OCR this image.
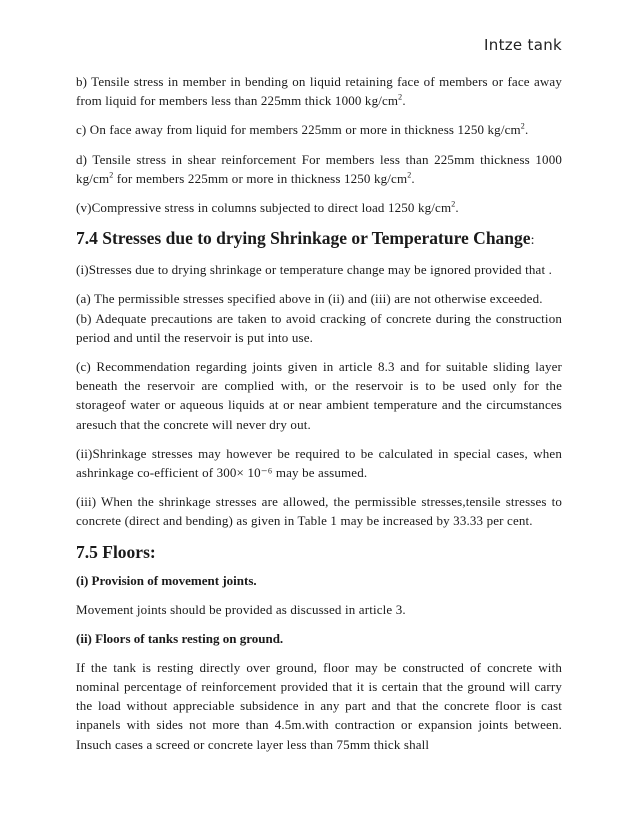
Intze tank

b) Tensile stress in member in bending on liquid retaining face of members or face away from liquid for members less than 225mm thick 1000 $kg/cm^2$.

c) On face away from liquid for members 225mm or more in thickness 1250 $kg/cm^2$.

d) Tensile stress in shear reinforcement For members less than 225mm thickness 1000 $kg/cm^2$ for members 225mm or more in thickness 1250 $kg/cm^2$.

(v)Compressive stress in columns subjected to direct load 1250 $kg/cm^2$.

7.4 Stresses due to drying Shrinkage or Temperature Change:

(i)Stresses due to drying shrinkage or temperature change may be ignored provided that .

(a) The permissible stresses specified above in (ii) and (iii) are not otherwise exceeded.

(b) Adequate precautions are taken to avoid cracking of concrete during the construction period and until the reservoir is put into use.

(c) Recommendation regarding joints given in article 8.3 and for suitable sliding layer beneath the reservoir are complied with, or the reservoir is to be used only for the storageof water or aqueous liquids at or near ambient temperature and the circumstances aresuch that the concrete will never dry out.

(ii)Shrinkage stresses may however be required to be calculated in special cases, when ashrinkage co-efficient of 300× 10⁻⁶ may be assumed.

(iii) When the shrinkage stresses are allowed, the permissible stresses,tensile stresses to concrete (direct and bending) as given in Table 1 may be increased by 33.33 per cent.

7.5 Floors:
(i) Provision of movement joints.

Movement joints should be provided as discussed in article 3.

(ii) Floors of tanks resting on ground.

If the tank is resting directly over ground, floor may be constructed of concrete with nominal percentage of reinforcement provided that it is certain that the ground will carry the load without appreciable subsidence in any part and that the concrete floor is cast inpanels with sides not more than 4.5m.with contraction or expansion joints between. Insuch cases a screed or concrete layer less than 75mm thick shall
